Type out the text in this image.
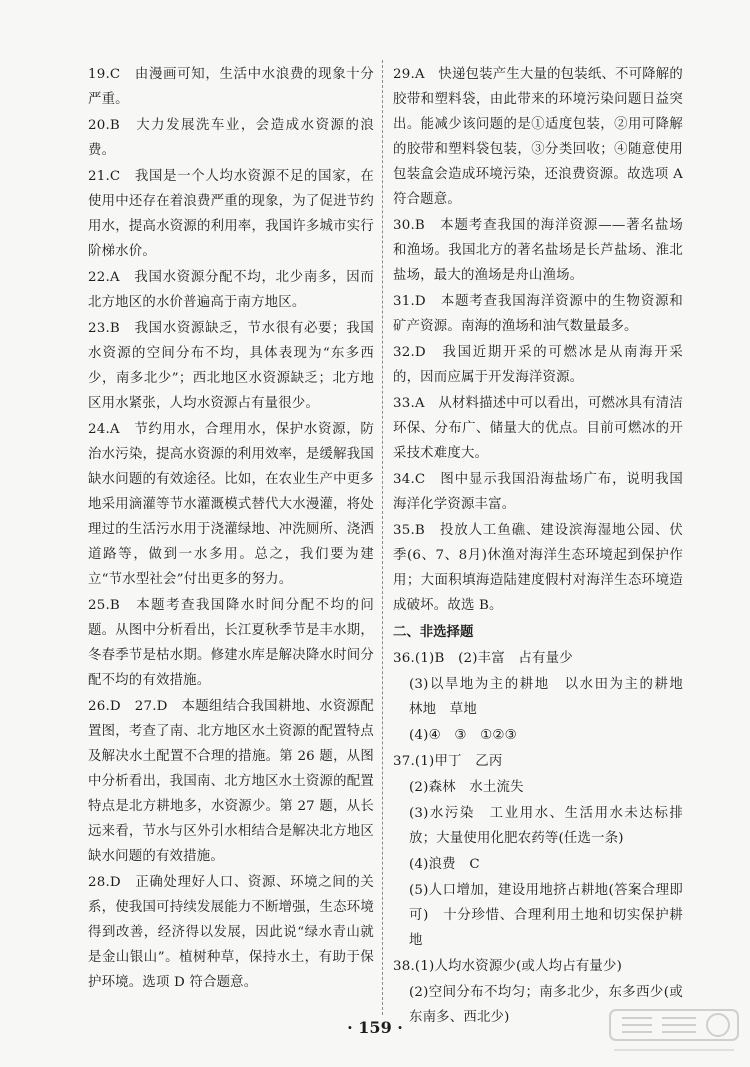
19.C　由漫画可知，生活中水浪费的现象十分严重。

20.B　大力发展洗车业，会造成水资源的浪费。

21.C　我国是一个人均水资源不足的国家，在使用中还存在着浪费严重的现象，为了促进节约用水，提高水资源的利用率，我国许多城市实行阶梯水价。

22.A　我国水资源分配不均，北少南多，因而北方地区的水价普遍高于南方地区。

23.B　我国水资源缺乏，节水很有必要；我国水资源的空间分布不均，具体表现为“东多西少，南多北少”；西北地区水资源缺乏；北方地区用水紧张，人均水资源占有量很少。

24.A　节约用水，合理用水，保护水资源，防治水污染，提高水资源的利用效率，是缓解我国缺水问题的有效途径。比如，在农业生产中更多地采用滴灌等节水灌溉模式替代大水漫灌，将处理过的生活污水用于浇灌绿地、冲洗厕所、浇洒道路等，做到一水多用。总之，我们要为建立“节水型社会”付出更多的努力。

25.B　本题考查我国降水时间分配不均的问题。从图中分析看出，长江夏秋季节是丰水期，冬春季节是枯水期。修建水库是解决降水时间分配不均的有效措施。

26.D　27.D　本题组结合我国耕地、水资源配置图，考查了南、北方地区水土资源的配置特点及解决水土配置不合理的措施。第 26 题，从图中分析看出，我国南、北方地区水土资源的配置特点是北方耕地多，水资源少。第 27 题，从长远来看，节水与区外引水相结合是解决北方地区缺水问题的有效措施。

28.D　正确处理好人口、资源、环境之间的关系，使我国可持续发展能力不断增强，生态环境得到改善，经济得以发展，因此说“绿水青山就是金山银山”。植树种草，保持水土，有助于保护环境。选项 D 符合题意。

29.A　快递包装产生大量的包装纸、不可降解的胶带和塑料袋，由此带来的环境污染问题日益突出。能减少该问题的是①适度包装，②用可降解的胶带和塑料袋包装，③分类回收；④随意使用包装盒会造成环境污染，还浪费资源。故选项 A 符合题意。

30.B　本题考查我国的海洋资源——著名盐场和渔场。我国北方的著名盐场是长芦盐场、淮北盐场，最大的渔场是舟山渔场。

31.D　本题考查我国海洋资源中的生物资源和矿产资源。南海的渔场和油气数量最多。

32.D　我国近期开采的可燃冰是从南海开采的，因而应属于开发海洋资源。

33.A　从材料描述中可以看出，可燃冰具有清洁环保、分布广、储量大的优点。目前可燃冰的开采技术难度大。

34.C　图中显示我国沿海盐场广布，说明我国海洋化学资源丰富。

35.B　投放人工鱼礁、建设滨海湿地公园、伏季(6、7、8月)休渔对海洋生态环境起到保护作用；大面积填海造陆建度假村对海洋生态环境造成破坏。故选 B。

二、非选择题

36.(1)B　(2)丰富　占有量少

(3)以旱地为主的耕地　以水田为主的耕地　林地　草地

(4)④　③　①②③

37.(1)甲丁　乙丙

(2)森林　水土流失

(3)水污染　工业用水、生活用水未达标排放；大量使用化肥农药等(任选一条)

(4)浪费　C

(5)人口增加，建设用地挤占耕地(答案合理即可)　十分珍惜、合理利用土地和切实保护耕地

38.(1)人均水资源少(或人均占有量少)

(2)空间分布不均匀；南多北少，东多西少(或东南多、西北少)

· 159 ·
